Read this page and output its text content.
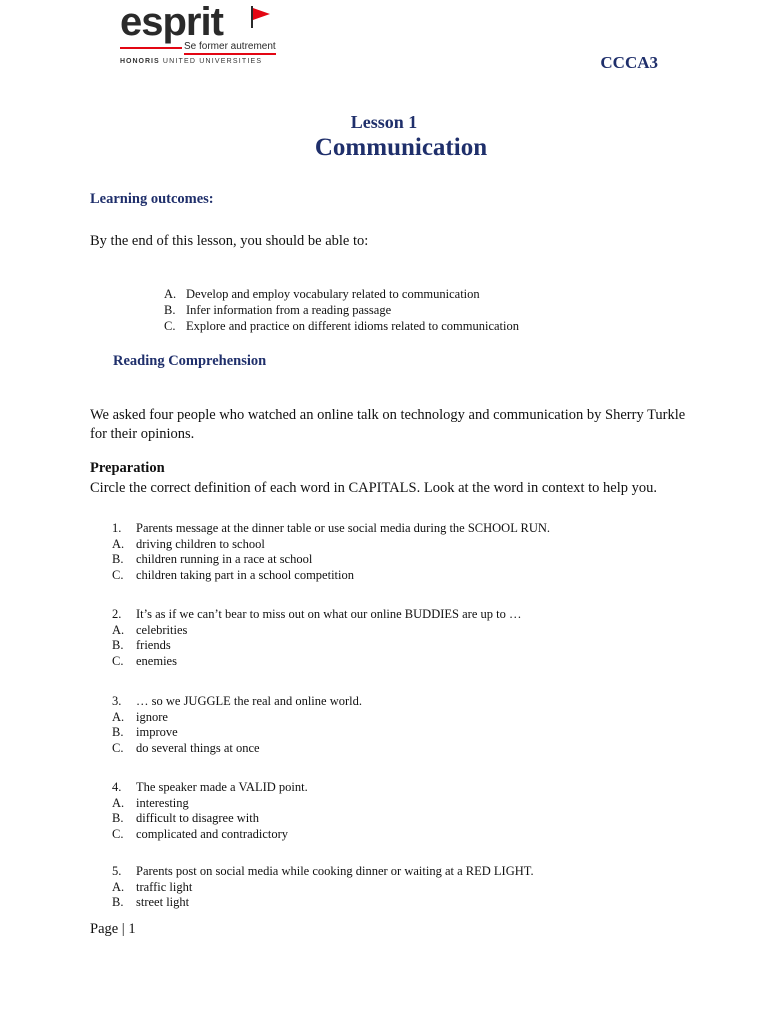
esprit
Se former autrement
HONORIS UNITED UNIVERSITIES	CCCA3
Lesson 1
Communication
Learning outcomes:
By the end of this lesson, you should be able to:
A. Develop and employ vocabulary related to communication
B. Infer information from a reading passage
C. Explore and practice on different idioms related to communication
Reading Comprehension
We asked four people who watched an online talk on technology and communication by Sherry Turkle
for their opinions.
Preparation
Circle the correct definition of each word in CAPITALS. Look at the word in context to help you.
1. Parents message at the dinner table or use social media during the SCHOOL RUN.
A. driving children to school
B. children running in a race at school
C. children taking part in a school competition
2. It’s as if we can’t bear to miss out on what our online BUDDIES are up to …
A. celebrities
B. friends
C. enemies
3. … so we JUGGLE the real and online world.
A. ignore
B. improve
C. do several things at once
4. The speaker made a VALID point.
A. interesting
B. difficult to disagree with
C. complicated and contradictory
5. Parents post on social media while cooking dinner or waiting at a RED LIGHT.
A. traffic light
B. street light
Page | 1
